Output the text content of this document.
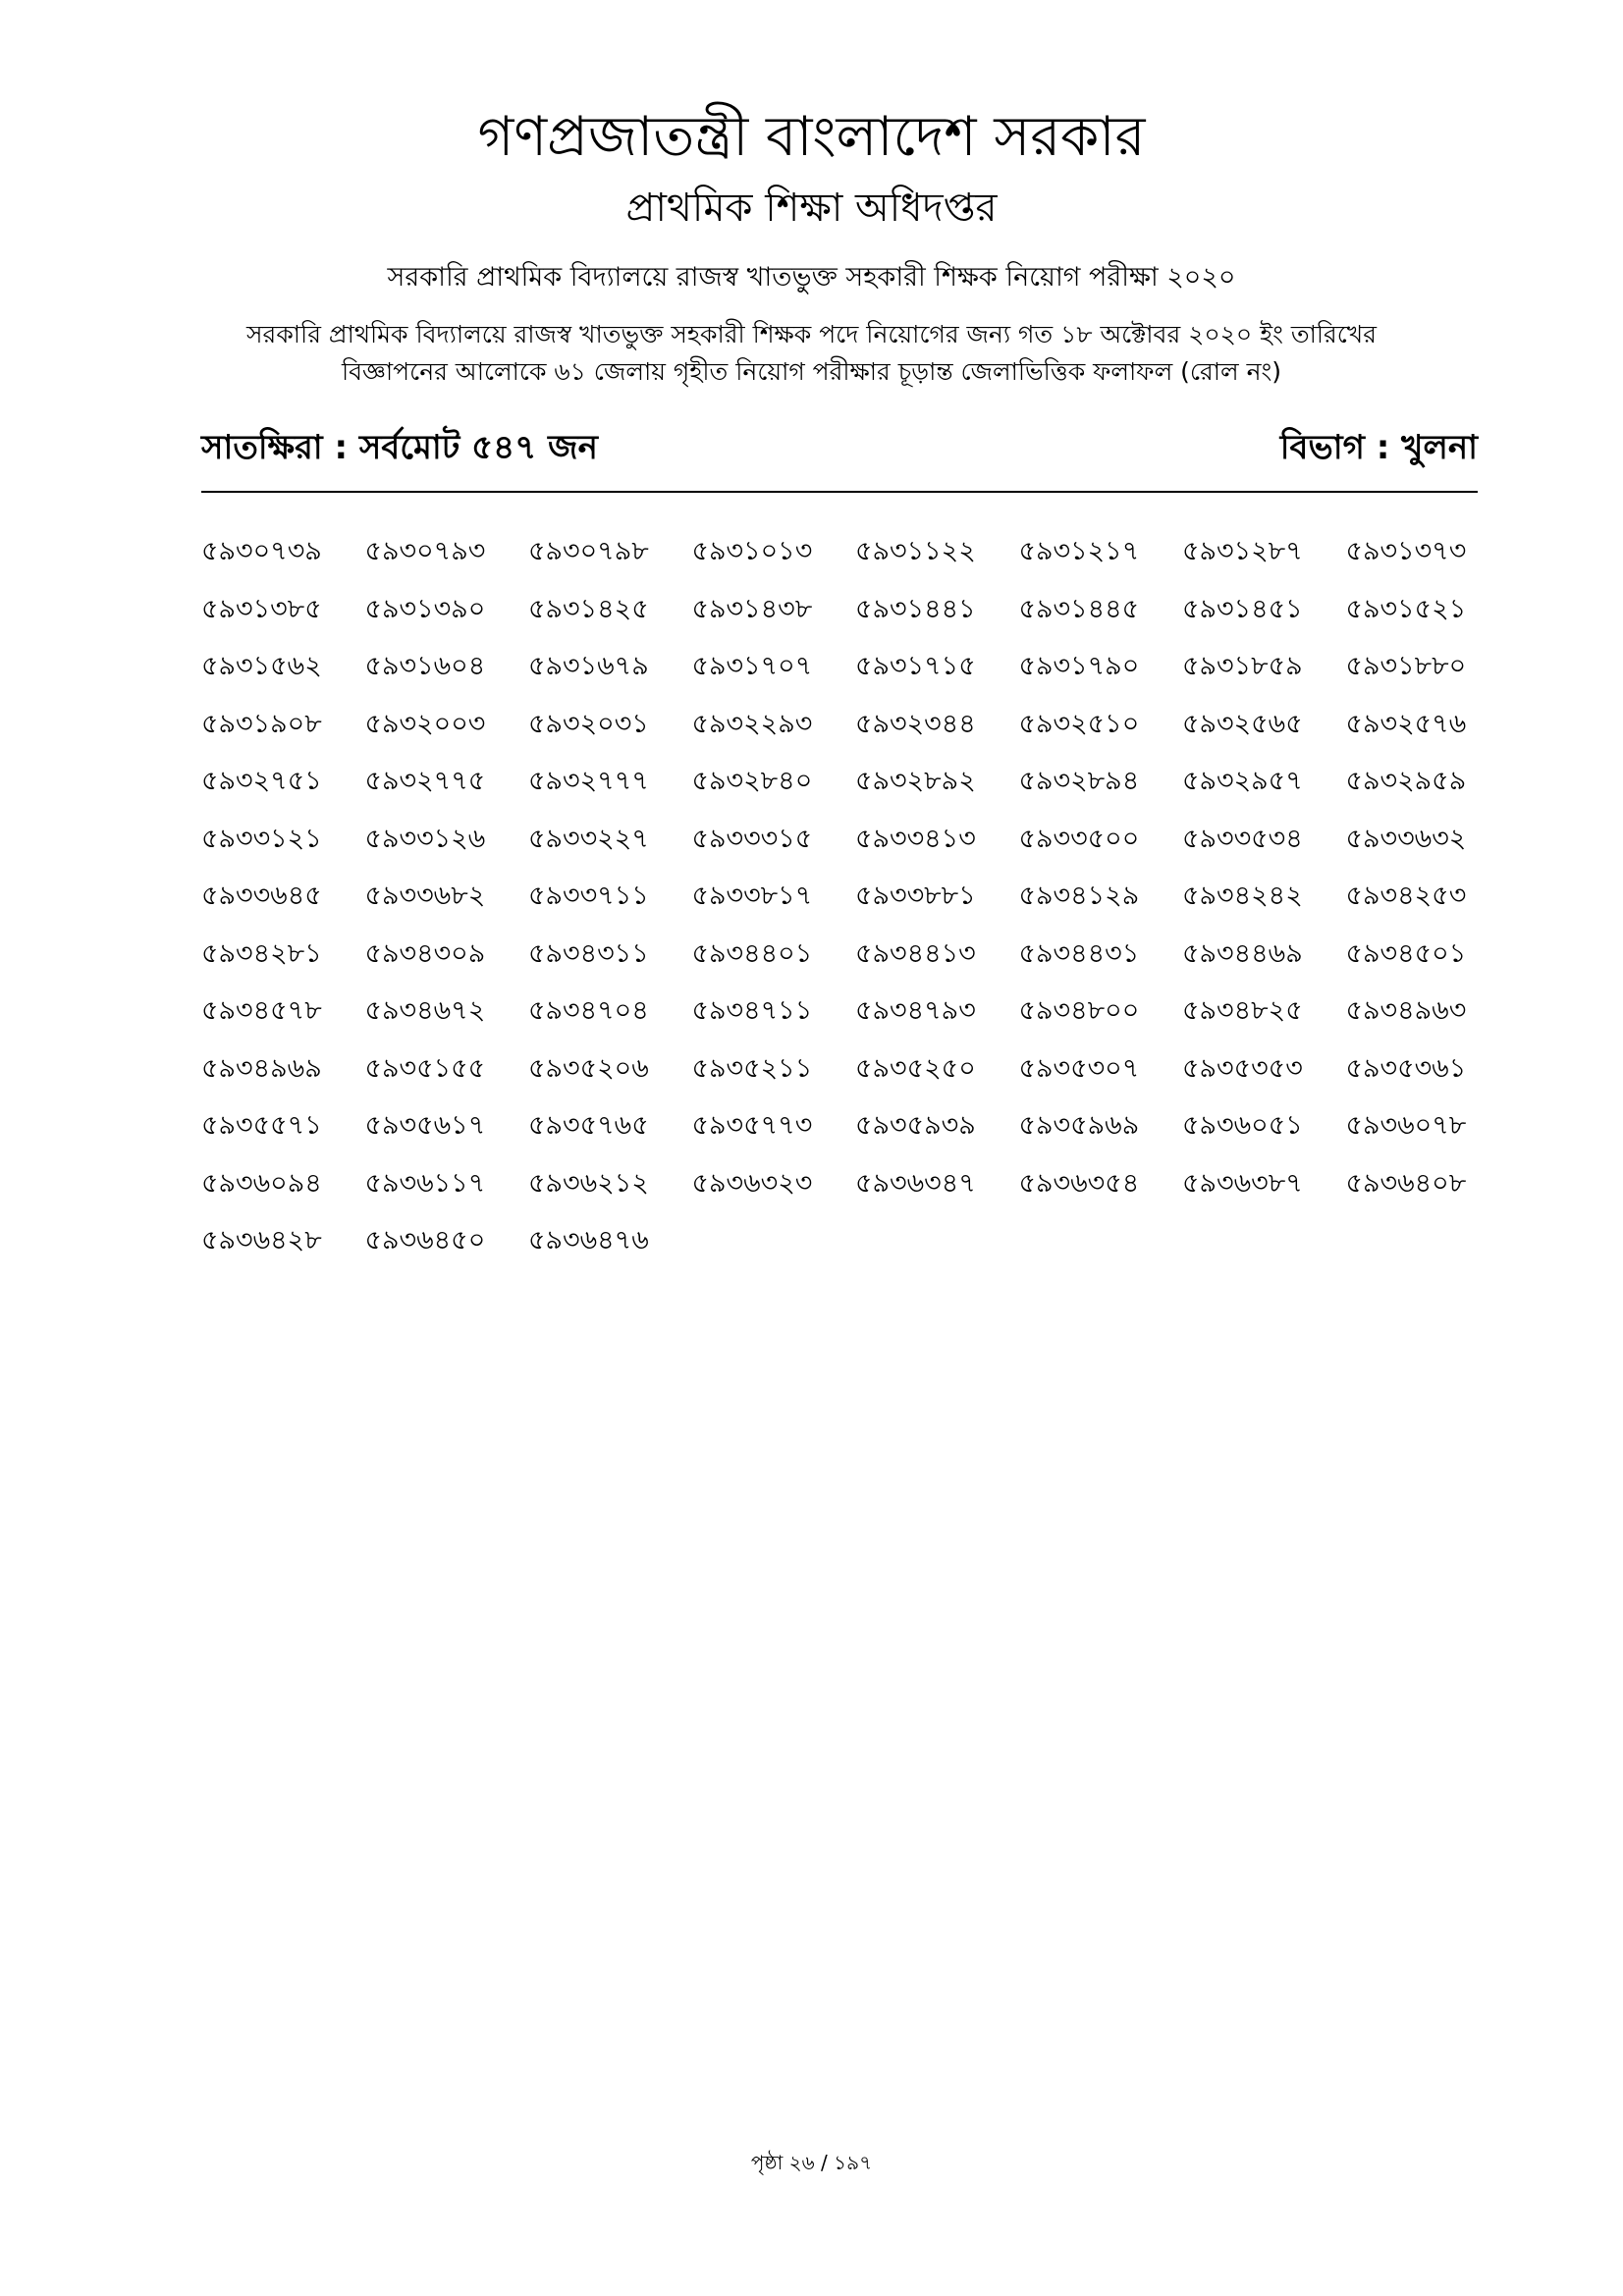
গণপ্রজাতন্ত্রী বাংলাদেশ সরকার
প্রাথমিক শিক্ষা অধিদপ্তর
সরকারি প্রাথমিক বিদ্যালয়ে রাজস্ব খাতভুক্ত সহকারী শিক্ষক নিয়োগ পরীক্ষা ২০২০
সরকারি প্রাথমিক বিদ্যালয়ে রাজস্ব খাতভুক্ত সহকারী শিক্ষক পদে নিয়োগের জন্য গত ১৮ অক্টোবর ২০২০ ইং তারিখের
বিজ্ঞাপনের আলোকে ৬১ জেলায় গৃহীত নিয়োগ পরীক্ষার চূড়ান্ত জেলাভিত্তিক ফলাফল (রোল নং)
সাতক্ষিরা : সর্বমোট ৫৪৭ জন	বিভাগ : খুলনা
৫৯৩০৭৩৯	৫৯৩০৭৯৩	৫৯৩০৭৯৮	৫৯৩১০১৩	৫৯৩১১২২	৫৯৩১২১৭	৫৯৩১২৮৭	৫৯৩১৩৭৩
৫৯৩১৩৮৫	৫৯৩১৩৯০	৫৯৩১৪২৫	৫৯৩১৪৩৮	৫৯৩১৪৪১	৫৯৩১৪৪৫	৫৯৩১৪৫১	৫৯৩১৫২১
৫৯৩১৫৬২	৫৯৩১৬০৪	৫৯৩১৬৭৯	৫৯৩১৭০৭	৫৯৩১৭১৫	৫৯৩১৭৯০	৫৯৩১৮৫৯	৫৯৩১৮৮০
৫৯৩১৯০৮	৫৯৩২০০৩	৫৯৩২০৩১	৫৯৩২২৯৩	৫৯৩২৩৪৪	৫৯৩২৫১০	৫৯৩২৫৬৫	৫৯৩২৫৭৬
৫৯৩২৭৫১	৫৯৩২৭৭৫	৫৯৩২৭৭৭	৫৯৩২৮৪০	৫৯৩২৮৯২	৫৯৩২৮৯৪	৫৯৩২৯৫৭	৫৯৩২৯৫৯
৫৯৩৩১২১	৫৯৩৩১২৬	৫৯৩৩২২৭	৫৯৩৩৩১৫	৫৯৩৩৪১৩	৫৯৩৩৫০০	৫৯৩৩৫৩৪	৫৯৩৩৬৩২
৫৯৩৩৬৪৫	৫৯৩৩৬৮২	৫৯৩৩৭১১	৫৯৩৩৮১৭	৫৯৩৩৮৮১	৫৯৩৪১২৯	৫৯৩৪২৪২	৫৯৩৪২৫৩
৫৯৩৪২৮১	৫৯৩৪৩০৯	৫৯৩৪৩১১	৫৯৩৪৪০১	৫৯৩৪৪১৩	৫৯৩৪৪৩১	৫৯৩৪৪৬৯	৫৯৩৪৫০১
৫৯৩৪৫৭৮	৫৯৩৪৬৭২	৫৯৩৪৭০৪	৫৯৩৪৭১১	৫৯৩৪৭৯৩	৫৯৩৪৮০০	৫৯৩৪৮২৫	৫৯৩৪৯৬৩
৫৯৩৪৯৬৯	৫৯৩৫১৫৫	৫৯৩৫২০৬	৫৯৩৫২১১	৫৯৩৫২৫০	৫৯৩৫৩০৭	৫৯৩৫৩৫৩	৫৯৩৫৩৬১
৫৯৩৫৫৭১	৫৯৩৫৬১৭	৫৯৩৫৭৬৫	৫৯৩৫৭৭৩	৫৯৩৫৯৩৯	৫৯৩৫৯৬৯	৫৯৩৬০৫১	৫৯৩৬০৭৮
৫৯৩৬০৯৪	৫৯৩৬১১৭	৫৯৩৬২১২	৫৯৩৬৩২৩	৫৯৩৬৩৪৭	৫৯৩৬৩৫৪	৫৯৩৬৩৮৭	৫৯৩৬৪০৮
৫৯৩৬৪২৮	৫৯৩৬৪৫০	৫৯৩৬৪৭৬
পৃষ্ঠা ২৬ / ১৯৭
